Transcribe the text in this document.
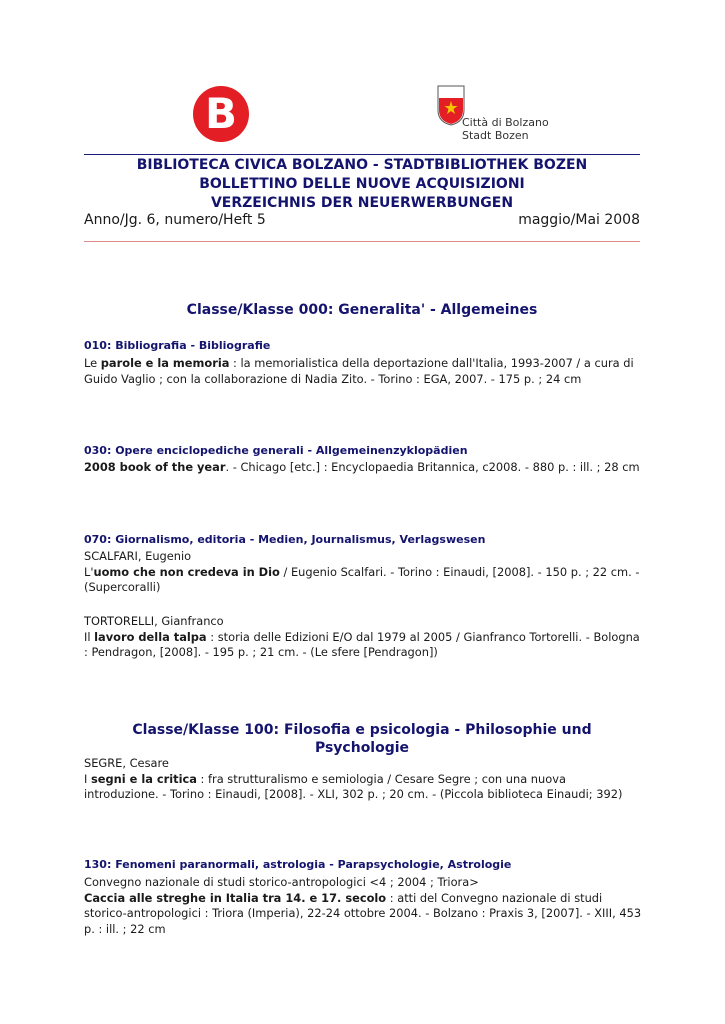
B	Città di Bolzano
Stadt Bozen
BIBLIOTECA CIVICA BOLZANO - STADTBIBLIOTHEK BOZEN
BOLLETTINO DELLE NUOVE ACQUISIZIONI
VERZEICHNIS DER NEUERWERBUNGEN
Anno/Jg. 6, numero/Heft 5	maggio/Mai 2008
Classe/Klasse 000: Generalita' - Allgemeines
010: Bibliografia - Bibliografie
Le parole e la memoria : la memorialistica della deportazione dall'Italia, 1993-2007 / a cura di Guido Vaglio ; con la collaborazione di Nadia Zito. - Torino : EGA, 2007. - 175 p. ; 24 cm
030: Opere enciclopediche generali - Allgemeinenzyklopädien
2008 book of the year. - Chicago [etc.] : Encyclopaedia Britannica, c2008. - 880 p. : ill. ; 28 cm
070: Giornalismo, editoria - Medien, Journalismus, Verlagswesen
SCALFARI, Eugenio
L'uomo che non credeva in Dio / Eugenio Scalfari. - Torino : Einaudi, [2008]. - 150 p. ; 22 cm. - (Supercoralli)
TORTORELLI, Gianfranco
Il lavoro della talpa : storia delle Edizioni E/O dal 1979 al 2005 / Gianfranco Tortorelli. - Bologna : Pendragon, [2008]. - 195 p. ; 21 cm. - (Le sfere [Pendragon])
Classe/Klasse 100: Filosofia e psicologia - Philosophie und
Psychologie
SEGRE, Cesare
I segni e la critica : fra strutturalismo e semiologia / Cesare Segre ; con una nuova introduzione. - Torino : Einaudi, [2008]. - XLI, 302 p. ; 20 cm. - (Piccola biblioteca Einaudi; 392)
130: Fenomeni paranormali, astrologia - Parapsychologie, Astrologie
Convegno nazionale di studi storico-antropologici <4 ; 2004 ; Triora>
Caccia alle streghe in Italia tra 14. e 17. secolo : atti del Convegno nazionale di studi storico-antropologici : Triora (Imperia), 22-24 ottobre 2004. - Bolzano : Praxis 3, [2007]. - XIII, 453 p. : ill. ; 22 cm
